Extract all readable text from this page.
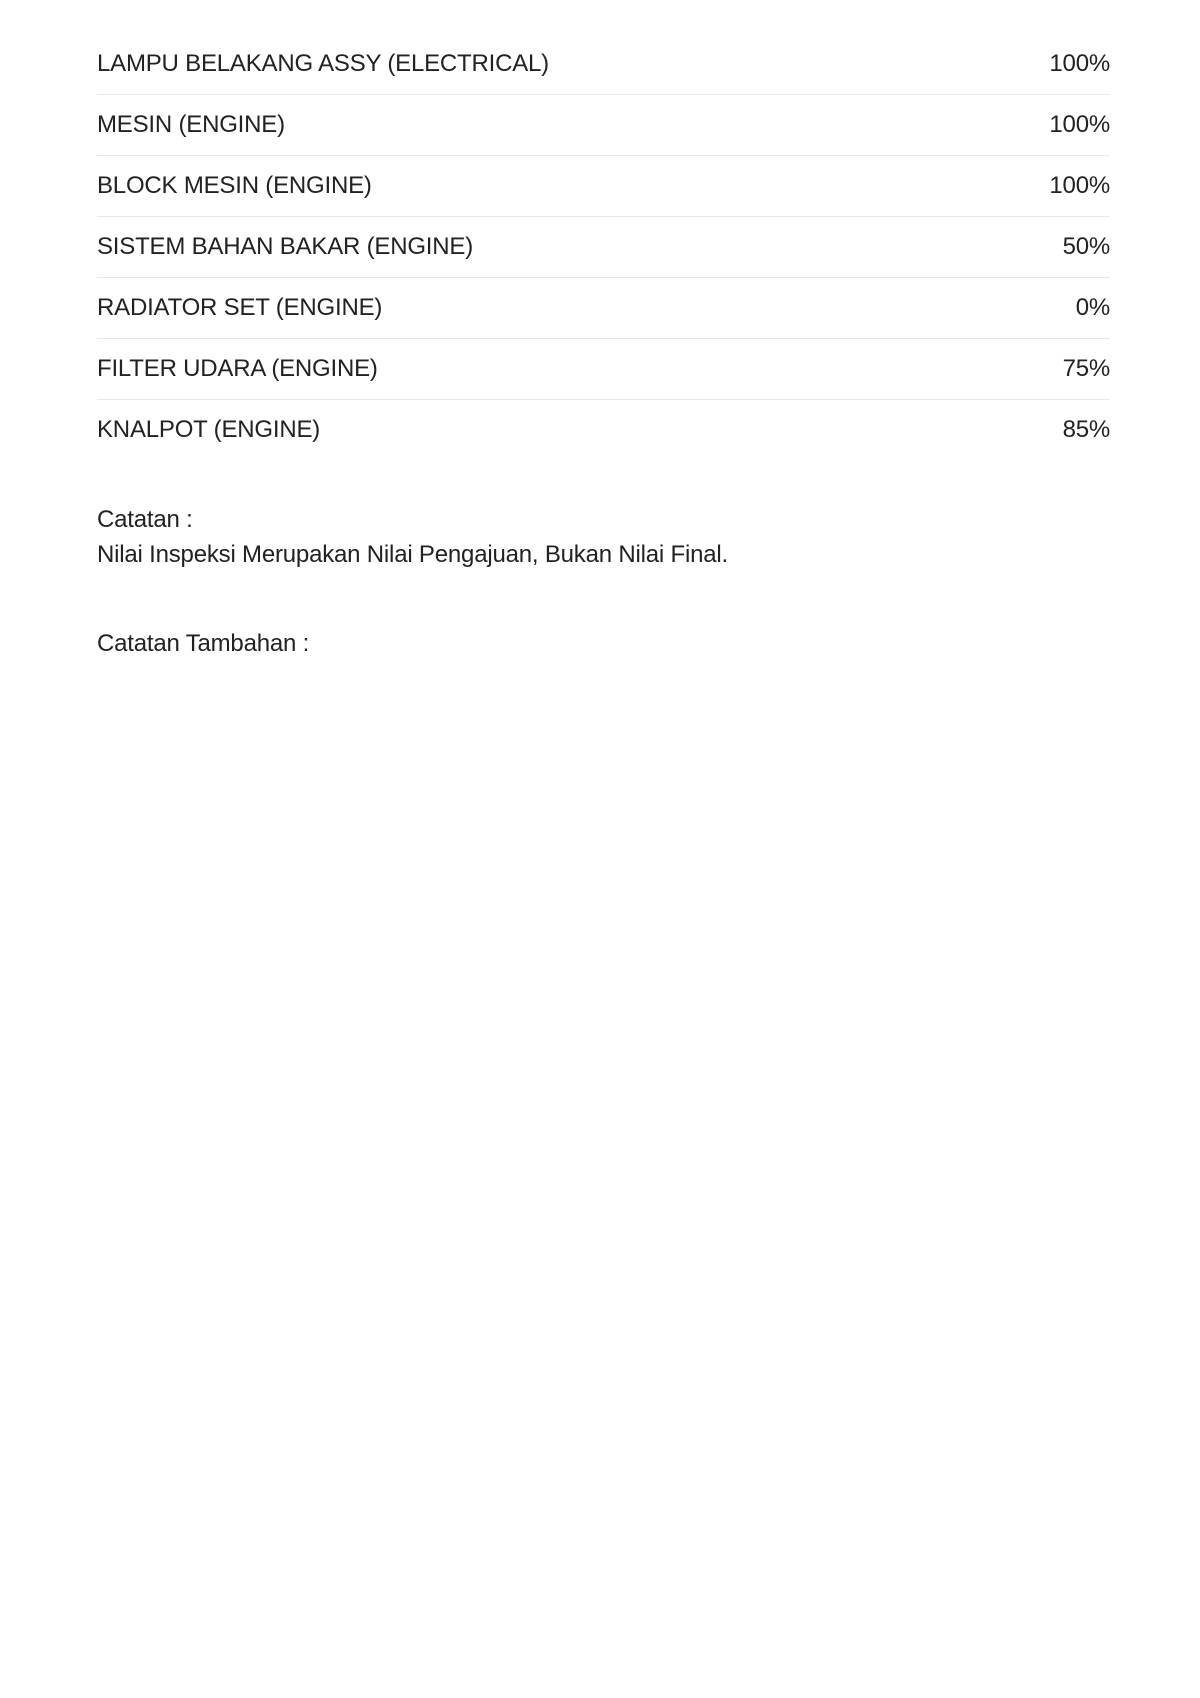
LAMPU BELAKANG ASSY (ELECTRICAL)	100%
MESIN (ENGINE)	100%
BLOCK MESIN (ENGINE)	100%
SISTEM BAHAN BAKAR (ENGINE)	50%
RADIATOR SET (ENGINE)	0%
FILTER UDARA (ENGINE)	75%
KNALPOT (ENGINE)	85%
Catatan :
Nilai Inspeksi Merupakan Nilai Pengajuan, Bukan Nilai Final.
Catatan Tambahan :
